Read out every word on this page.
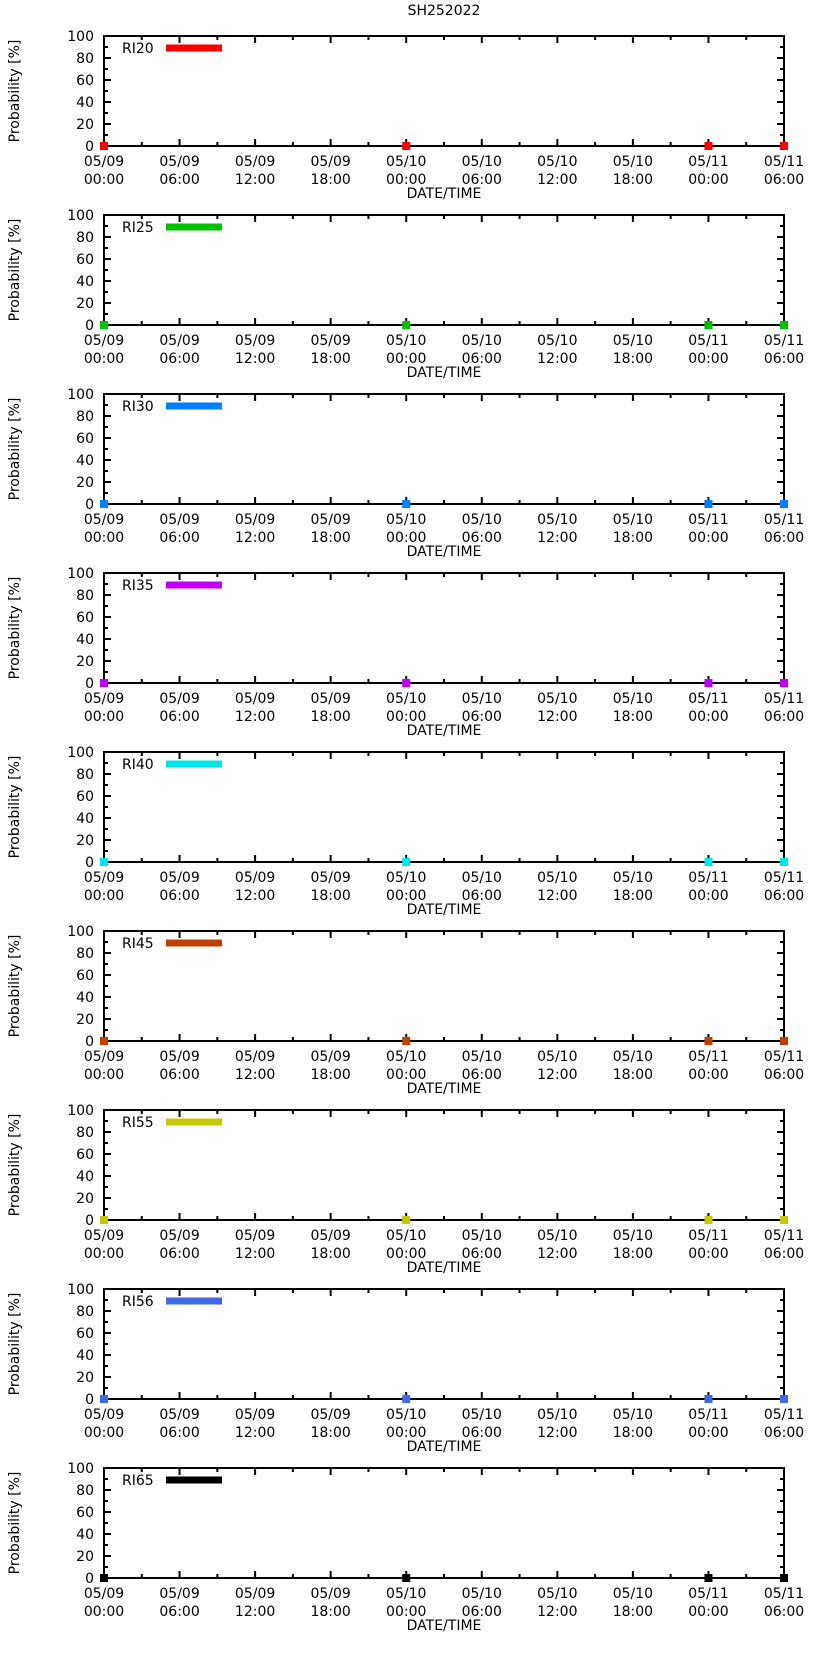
SH252022
0
20
40
60
80
100
05/09
00:00
05/09
06:00
05/09
12:00
05/09
18:00
05/10
00:00
05/10
06:00
05/10
12:00
05/10
18:00
05/11
00:00
05/11
06:00
Probability [%]
DATE/TIME
RI20
0
20
40
60
80
100
05/09
00:00
05/09
06:00
05/09
12:00
05/09
18:00
05/10
00:00
05/10
06:00
05/10
12:00
05/10
18:00
05/11
00:00
05/11
06:00
Probability [%]
DATE/TIME
RI25
0
20
40
60
80
100
05/09
00:00
05/09
06:00
05/09
12:00
05/09
18:00
05/10
00:00
05/10
06:00
05/10
12:00
05/10
18:00
05/11
00:00
05/11
06:00
Probability [%]
DATE/TIME
RI30
0
20
40
60
80
100
05/09
00:00
05/09
06:00
05/09
12:00
05/09
18:00
05/10
00:00
05/10
06:00
05/10
12:00
05/10
18:00
05/11
00:00
05/11
06:00
Probability [%]
DATE/TIME
RI35
0
20
40
60
80
100
05/09
00:00
05/09
06:00
05/09
12:00
05/09
18:00
05/10
00:00
05/10
06:00
05/10
12:00
05/10
18:00
05/11
00:00
05/11
06:00
Probability [%]
DATE/TIME
RI40
0
20
40
60
80
100
05/09
00:00
05/09
06:00
05/09
12:00
05/09
18:00
05/10
00:00
05/10
06:00
05/10
12:00
05/10
18:00
05/11
00:00
05/11
06:00
Probability [%]
DATE/TIME
RI45
0
20
40
60
80
100
05/09
00:00
05/09
06:00
05/09
12:00
05/09
18:00
05/10
00:00
05/10
06:00
05/10
12:00
05/10
18:00
05/11
00:00
05/11
06:00
Probability [%]
DATE/TIME
RI55
0
20
40
60
80
100
05/09
00:00
05/09
06:00
05/09
12:00
05/09
18:00
05/10
00:00
05/10
06:00
05/10
12:00
05/10
18:00
05/11
00:00
05/11
06:00
Probability [%]
DATE/TIME
RI56
0
20
40
60
80
100
05/09
00:00
05/09
06:00
05/09
12:00
05/09
18:00
05/10
00:00
05/10
06:00
05/10
12:00
05/10
18:00
05/11
00:00
05/11
06:00
Probability [%]
DATE/TIME
RI65
